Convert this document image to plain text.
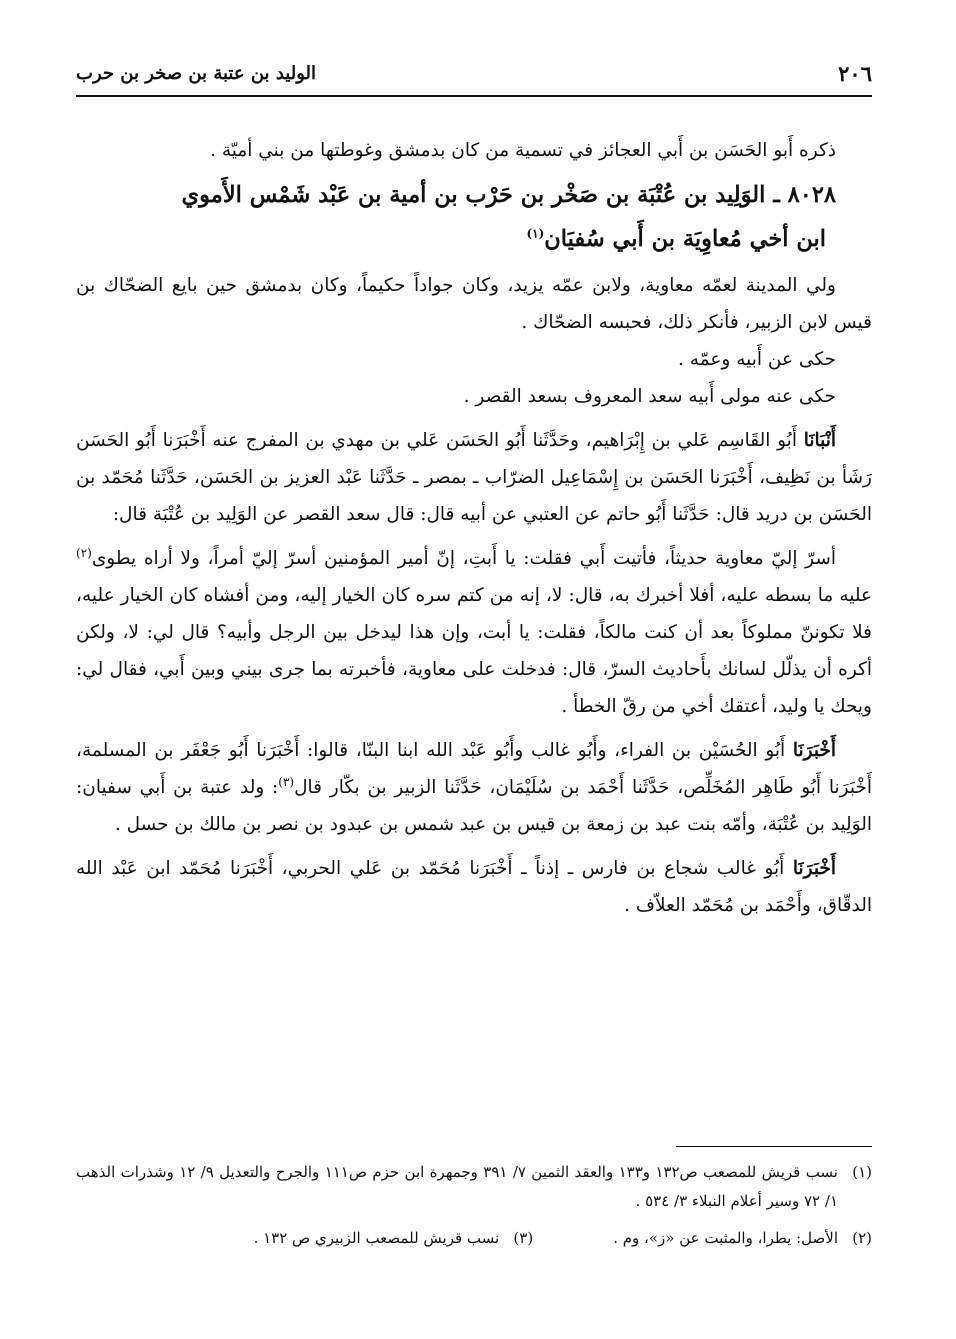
٢٠٦
الوليد بن عتبة بن صخر بن حرب

ذكره أَبو الحَسَن بن أَبي العجائز في تسمية من كان بدمشق وغوطتها من بني أميّة .

٨٠٢٨ ـ الوَلِيد بن عُتْبَة بن صَخْر بن حَرْب بن أمية بن عَبْد شَمْس الأَموي
ابن أخي مُعاوِيَة بن أَبي سُفيَان$^{(١)}$

ولي المدينة لعمّه معاوية، ولابن عمّه يزيد، وكان جواداً حكيماً، وكان بدمشق حين بايع الضحّاك بن قيس لابن الزبير، فأنكر ذلك، فحبسه الضحّاك .

حكى عن أَبيه وعمّه .

حكى عنه مولى أَبيه سعد المعروف بسعد القصر .

أَنْبَانَا أَبُو القَاسِم عَلي بن إِبْرَاهيم، وحَدَّثَنا أَبُو الحَسَن عَلي بن مهدي بن المفرج عنه أَخْبَرَنا أَبُو الحَسَن رَشَأ بن نَظِيف، أَخْبَرَنا الحَسَن بن إِسْمَاعِيل الضرّاب ـ بمصر ـ حَدَّثَنا عَبْد العزيز بن الحَسَن، حَدَّثَنا مُحَمّد بن الحَسَن بن دريد قال: حَدَّثَنا أَبُو حاتم عن العتبي عن أبيه قال: قال سعد القصر عن الوَلِيد بن عُتْبَة قال:

أسرّ إليّ معاوية حديثاً، فأتيت أَبي فقلت: يا أَبتِ، إنّ أمير المؤمنين أسرّ إليّ أمراً، ولا أراه يطوى$^{(٢)}$ عليه ما بسطه عليه، أفلا أخبرك به، قال: لا، إنه من كتم سره كان الخيار إليه، ومن أفشاه كان الخيار عليه، فلا تكوننّ مملوكاً بعد أن كنت مالكاً، فقلت: يا أبت، وإن هذا ليدخل بين الرجل وأبيه؟ قال لي: لا، ولكن أكره أن يذلّل لسانك بأَحاديث السرّ، قال: فدخلت على معاوية، فأخبرته بما جرى بيني وبين أَبي، فقال لي: ويحك يا وليد، أعتقك أخي من رقّ الخطأ .

أَخْبَرَنَا أَبُو الحُسَيْن بن الفراء، وأَبُو غالب وأَبُو عَبْد الله ابنا البنّا، قالوا: أَخْبَرَنا أَبُو جَعْفَر بن المسلمة، أَخْبَرَنا أَبُو طَاهِر المُخَلِّص، حَدَّثَنا أَحْمَد بن سُلَيْمَان، حَدَّثَنا الزبير بن بكّار قال$^{(٣)}$: ولد عتبة بن أَبي سفيان: الوَلِيد بن عُتْبَة، وأمّه بنت عبد بن زمعة بن قيس بن عبد شمس بن عبدود بن نصر بن مالك بن حسل .

أَخْبَرَنَا أَبُو غالب شجاع بن فارس ـ إذناً ـ أَخْبَرَنا مُحَمّد بن عَلي الحربي، أَخْبَرَنا مُحَمّد ابن عَبْد الله الدقّاق، وأَحْمَد بن مُحَمّد العلاّف .

(١)
نسب قريش للمصعب ص١٣٢ و١٣٣ والعقد الثمين ٧/ ٣٩١ وجمهرة ابن حزم ص١١١ والجرح والتعديل ٩/ ١٢ وشذرات الذهب ١/ ٧٢ وسير أعلام النبلاء ٣/ ٥٣٤ .
(٢)
الأصل: يطرا، والمثبت عن «ز»، وم .
(٣)
نسب قريش للمصعب الزبيري ص ١٣٢ .
